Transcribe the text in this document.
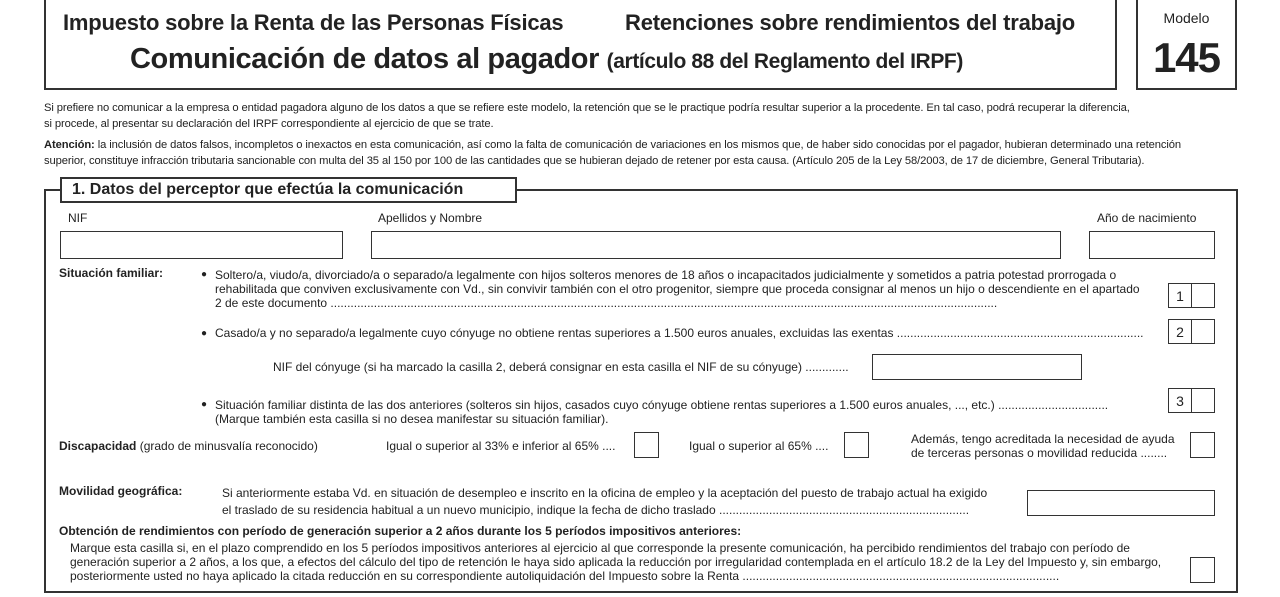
Impuesto sobre la Renta de las Personas Físicas	Retenciones sobre rendimientos del trabajo
Comunicación de datos al pagador (artículo 88 del Reglamento del IRPF)
Modelo
145
Si prefiere no comunicar a la empresa o entidad pagadora alguno de los datos a que se refiere este modelo, la retención que se le practique podría resultar superior a la procedente. En tal caso, podrá recuperar la diferencia,
si procede, al presentar su declaración del IRPF correspondiente al ejercicio de que se trate.
Atención: la inclusión de datos falsos, incompletos o inexactos en esta comunicación, así como la falta de comunicación de variaciones en los mismos que, de haber sido conocidas por el pagador, hubieran determinado una retención
superior, constituye infracción tributaria sancionable con multa del 35 al 150 por 100 de las cantidades que se hubieran dejado de retener por esta causa. (Artículo 205 de la Ley 58/2003, de 17 de diciembre, General Tributaria).
1. Datos del perceptor que efectúa la comunicación
NIF	Apellidos y Nombre	Año de nacimiento
Situación familiar:	● Soltero/a, viudo/a, divorciado/a o separado/a legalmente con hijos solteros menores de 18 años o incapacitados judicialmente y sometidos a patria potestad prorrogada o
rehabilitada que conviven exclusivamente con Vd., sin convivir también con el otro progenitor, siempre que proceda consignar al menos un hijo o descendiente en el apartado
2 de este documento ........................................................................................................................................................................................................	1
● Casado/a y no separado/a legalmente cuyo cónyuge no obtiene rentas superiores a 1.500 euros anuales, excluidas las exentas ..........................................................................	2
NIF del cónyuge (si ha marcado la casilla 2, deberá consignar en esta casilla el NIF de su cónyuge) .............
● Situación familiar distinta de las dos anteriores (solteros sin hijos, casados cuyo cónyuge obtiene rentas superiores a 1.500 euros anuales, ..., etc.) .................................
(Marque también esta casilla si no desea manifestar su situación familiar).
3
Discapacidad (grado de minusvalía reconocido)	Igual o superior al 33% e inferior al 65% ....	Igual o superior al 65% ....	Además, tengo acreditada la necesidad de ayuda
de terceras personas o movilidad reducida ........
Movilidad geográfica:	Si anteriormente estaba Vd. en situación de desempleo e inscrito en la oficina de empleo y la aceptación del puesto de trabajo actual ha exigido
el traslado de su residencia habitual a un nuevo municipio, indique la fecha de dicho traslado ...........................................................................
Obtención de rendimientos con período de generación superior a 2 años durante los 5 períodos impositivos anteriores:
Marque esta casilla si, en el plazo comprendido en los 5 períodos impositivos anteriores al ejercicio al que corresponde la presente comunicación, ha percibido rendimientos del trabajo con período de
generación superior a 2 años, a los que, a efectos del cálculo del tipo de retención le haya sido aplicada la reducción por irregularidad contemplada en el artículo 18.2 de la Ley del Impuesto y, sin embargo,
posteriormente usted no haya aplicado la citada reducción en su correspondiente autoliquidación del Impuesto sobre la Renta ...............................................................................................
